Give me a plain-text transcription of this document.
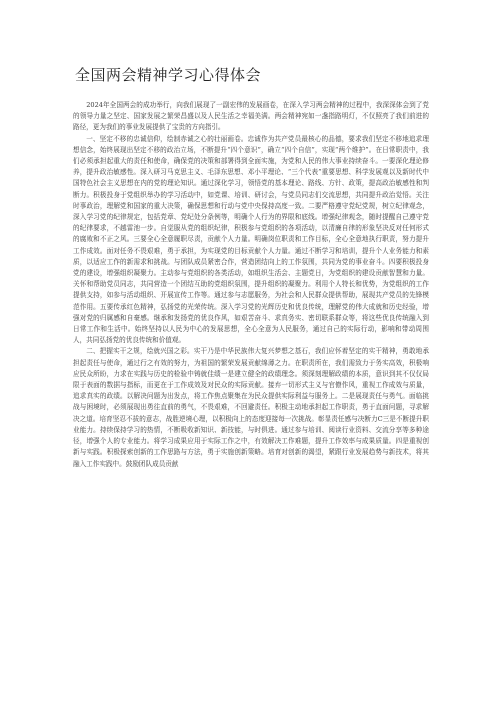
全国两会精神学习心得体会

2024年全国两会的成功举行，向我们展现了一副宏伟的发展画卷，在深入学习两会精神的过程中，我深深体会到了党的领导力量之坚定、国家发展之繁荣昌盛以及人民生活之幸福美满。两会精神宛如一盏指路明灯，不仅照亮了我们前进的路径，更为我们的事业发展提供了宝贵的方向指引。

一、坚定不移的忠诚信仰，绘制赤诚之心的壮丽画卷。忠诚作为共产党员最核心的品德，要求我们坚定不移地追求理想信念，始终展现出坚定不移的政治立场，不断提升“四个意识”，确立“四个自信”，实现“两个维护”。在日常职责中，我们必须承担起重大的责任和使命，确保党的决策和部署得到全面实施，为党和人民的伟大事业持续奋斗。一要深化理论修养，提升政治敏感性。深入研习马克思主义、毛泽东思想、邓小平理论、“三个代表”重要思想、科学发展观以及新时代中国特色社会主义思想在内的党的理论知识。通过深化学习，领悟党的基本理论、路线、方针、政策，提高政治敏感性和判断力。积极投身于党组织举办的学习活动中，如党课、培训、研讨会，与党员同志们交流思想，共同提升政治觉悟。关注时事政治，理解党和国家的重大决策，确保思想和行动与党中央保持高度一致。二要严格遵守党纪党规，树立纪律观念，深入学习党的纪律规定，包括党章、党纪处分条例等，明确个人行为的界限和底线。增强纪律观念，随时提醒自己遵守党的纪律要求，不越雷池一步。自觉服从党的组织纪律，积极参与党组织的各项活动，以清廉自律的形象坚决反对任何形式的腐败和不正之风。三要全心全意履职尽责，贡献个人力量。明确岗位职责和工作目标，全心全意地执行职责，努力提升工作成效。面对任务不畏艰难，勇于承担，为实现党的目标贡献个人力量。通过不断学习和培训，提升个人业务能力和素质，以适应工作的新需求和挑战。与团队成员紧密合作，营造团结向上的工作氛围，共同为党的事业奋斗。四要积极投身党的建设，增强组织凝聚力。主动参与党组织的各类活动，如组织生活会、主题党日，为党组织的建设贡献智慧和力量。关怀和帮助党员同志，共同营造一个团结互助的党组织氛围，提升组织的凝聚力。利用个人特长和优势，为党组织的工作提供支持，如参与活动组织、开展宣传工作等。通过参与志愿服务，为社会和人民群众提供帮助，展现共产党员的先锋模范作用。五要传承红色精神，弘扬党的光荣传统。深入学习党的光辉历史和优良传统，理解党的伟大成就和历史经验，增强对党的归属感和自豪感。继承和发扬党的优良作风，如艰苦奋斗、求真务实、密切联系群众等，将这些优良传统融入到日常工作和生活中。始终坚持以人民为中心的发展思想，全心全意为人民服务，通过自己的实际行动，影响和带动周围人，共同弘扬党的优良传统和价值观。

二、把握实干之规，绘就兴国之彩。实干乃是中华民族伟大复兴梦想之基石，我们应怀着坚定的实干精神，勇敢地承担起责任与使命，通过行之有效的努力，为祖国的繁荣发展贡献绵薄之力。在职责所在，我们需致力于务实高效，积极响应民众所盼，力求在实践与历史的检验中铸就佳绩一是建立健全的政绩理念。须深刻理解政绩的本质，意识到其不仅仅局限于表面的数据与指标，而更在于工作成效及对民众的实际贡献。接弃一切形式主义与官僚作风，重视工作成效与质量，追求真实的政绩。以解决问题为出发点，将工作焦点聚集在为民众提供实际利益与服务上。二是展现责任与勇气。面临挑战与困境时，必须展现出勇往直前的勇气，不畏艰难，不回避责任。积极主动地承担起工作职责，勇于直面问题，寻求解决之道。培育坚忍不拔的意志，战胜逆境心理，以积极向上的态度迎接每一次挑战。彰显责任感与决断力C三是不断提升职业能力。持续保持学习的热情，不断吸收新知识、新技能，与时俱进。通过参与培训、阅读行业资料、交流分享等多种途径，增强个人的专业能力。将学习成果应用于实际工作之中，有效解决工作难题，提升工作效率与成果质量。四是重视创新与实践。积极探索创新的工作思路与方法，勇于实施创新策略。培育对创新的渴望，紧跟行业发展趋势与新技术，将其融入工作实践中。鼓励团队成员贡献
